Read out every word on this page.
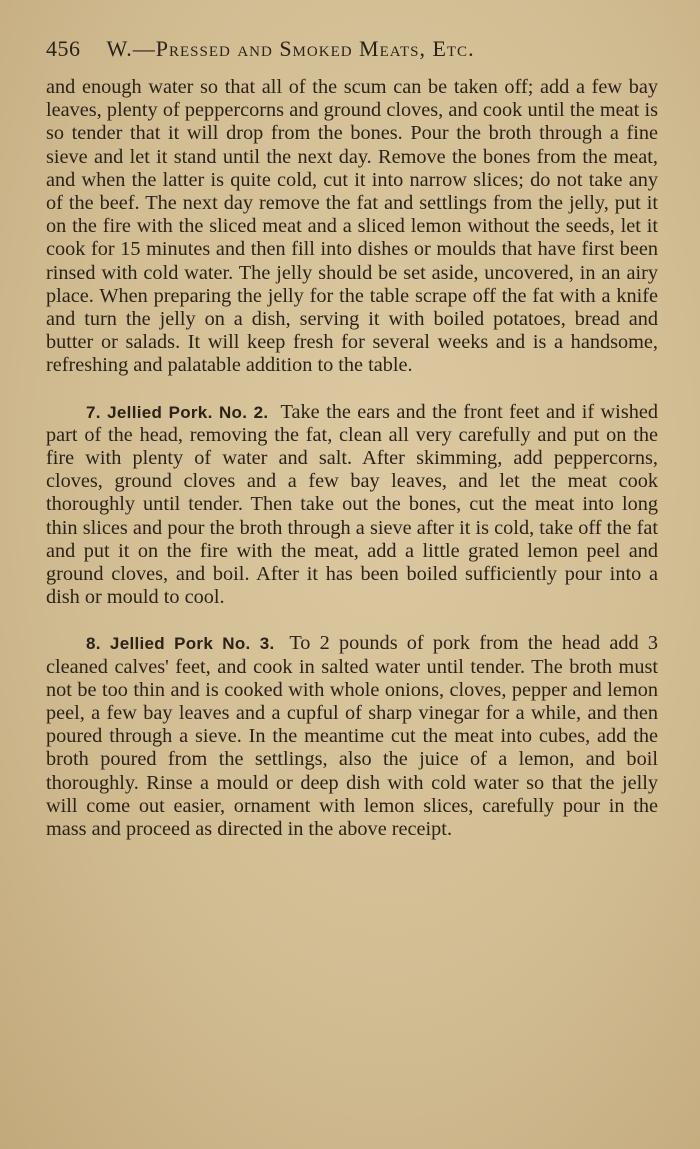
456 W.—Pressed and Smoked Meats, Etc.

and enough water so that all of the scum can be taken off; add a few bay leaves, plenty of peppercorns and ground cloves, and cook until the meat is so tender that it will drop from the bones. Pour the broth through a fine sieve and let it stand until the next day. Remove the bones from the meat, and when the latter is quite cold, cut it into narrow slices; do not take any of the beef. The next day remove the fat and settlings from the jelly, put it on the fire with the sliced meat and a sliced lemon without the seeds, let it cook for 15 minutes and then fill into dishes or moulds that have first been rinsed with cold water. The jelly should be set aside, uncovered, in an airy place. When preparing the jelly for the table scrape off the fat with a knife and turn the jelly on a dish, serving it with boiled potatoes, bread and butter or salads. It will keep fresh for several weeks and is a handsome, refreshing and palatable addition to the table.

7. Jellied Pork. No. 2. Take the ears and the front feet and if wished part of the head, removing the fat, clean all very carefully and put on the fire with plenty of water and salt. After skimming, add peppercorns, cloves, ground cloves and a few bay leaves, and let the meat cook thoroughly until tender. Then take out the bones, cut the meat into long thin slices and pour the broth through a sieve after it is cold, take off the fat and put it on the fire with the meat, add a little grated lemon peel and ground cloves, and boil. After it has been boiled sufficiently pour into a dish or mould to cool.

8. Jellied Pork No. 3. To 2 pounds of pork from the head add 3 cleaned calves' feet, and cook in salted water until tender. The broth must not be too thin and is cooked with whole onions, cloves, pepper and lemon peel, a few bay leaves and a cupful of sharp vinegar for a while, and then poured through a sieve. In the meantime cut the meat into cubes, add the broth poured from the settlings, also the juice of a lemon, and boil thoroughly. Rinse a mould or deep dish with cold water so that the jelly will come out easier, ornament with lemon slices, carefully pour in the mass and proceed as directed in the above receipt.
